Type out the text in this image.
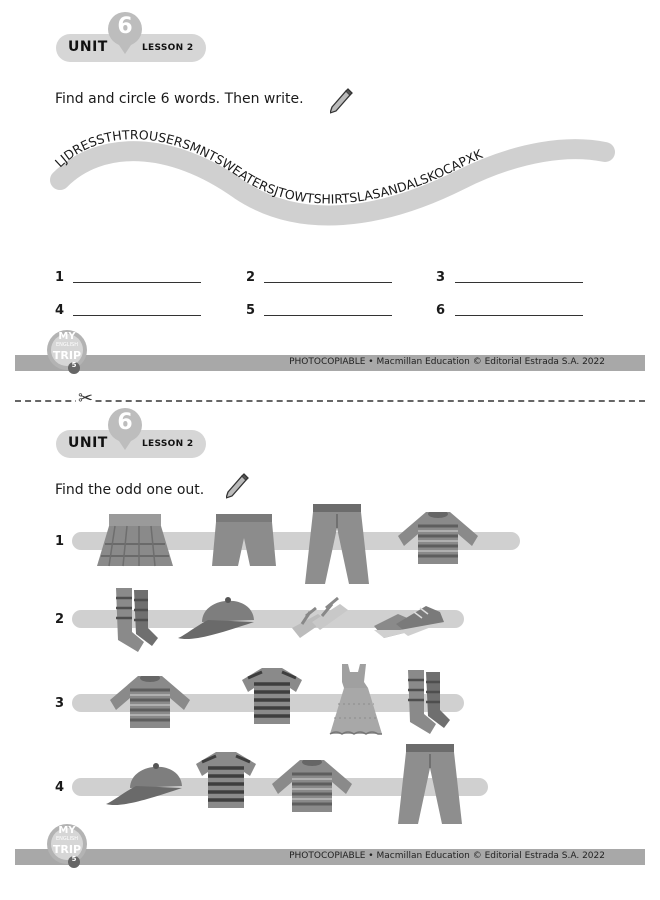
6
UNIT	LESSON 2
Find and circle 6 words. Then write.
LJDRESSTHTROUSERSMNTSWEATERSJTOWTSHIRTSLASANDALSKOCAPXK
1	2	3
4	5	6
PHOTOCOPIABLE • Macmillan Education © Editorial Estrada S.A. 2022
MY
ENGLISH
TRIP
5
✂
6
UNIT	LESSON 2
Find the odd one out.
1
2
3
4
PHOTOCOPIABLE • Macmillan Education © Editorial Estrada S.A. 2022
MY
ENGLISH
TRIP
5
